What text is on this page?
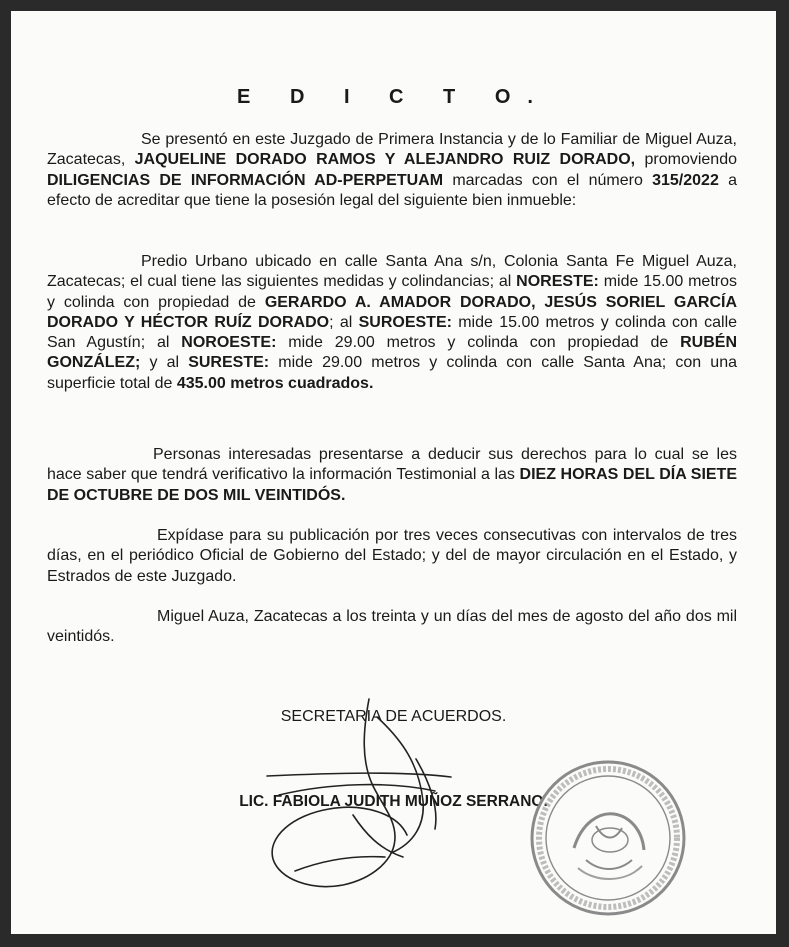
E D I C T O.
Se presentó en este Juzgado de Primera Instancia y de lo Familiar de Miguel Auza, Zacatecas, JAQUELINE DORADO RAMOS Y ALEJANDRO RUIZ DORADO, promoviendo DILIGENCIAS DE INFORMACIÓN AD-PERPETUAM marcadas con el número 315/2022 a efecto de acreditar que tiene la posesión legal del siguiente bien inmueble:
Predio Urbano ubicado en calle Santa Ana s/n, Colonia Santa Fe Miguel Auza, Zacatecas; el cual tiene las siguientes medidas y colindancias; al NORESTE: mide 15.00 metros y colinda con propiedad de GERARDO A. AMADOR DORADO, JESÚS SORIEL GARCÍA DORADO Y HÉCTOR RUÍZ DORADO; al SUROESTE: mide 15.00 metros y colinda con calle San Agustín; al NOROESTE: mide 29.00 metros y colinda con propiedad de RUBÉN GONZÁLEZ; y al SURESTE: mide 29.00 metros y colinda con calle Santa Ana; con una superficie total de 435.00 metros cuadrados.
Personas interesadas presentarse a deducir sus derechos para lo cual se les hace saber que tendrá verificativo la información Testimonial a las DIEZ HORAS DEL DÍA SIETE DE OCTUBRE DE DOS MIL VEINTIDÓS.
Expídase para su publicación por tres veces consecutivas con intervalos de tres días, en el periódico Oficial de Gobierno del Estado; y del de mayor circulación en el Estado, y Estrados de este Juzgado.
Miguel Auza, Zacatecas a los treinta y un días del mes de agosto del año dos mil veintidós.
SECRETARIA DE ACUERDOS.
LIC. FABIOLA JUDITH MUÑOZ SERRANO.
